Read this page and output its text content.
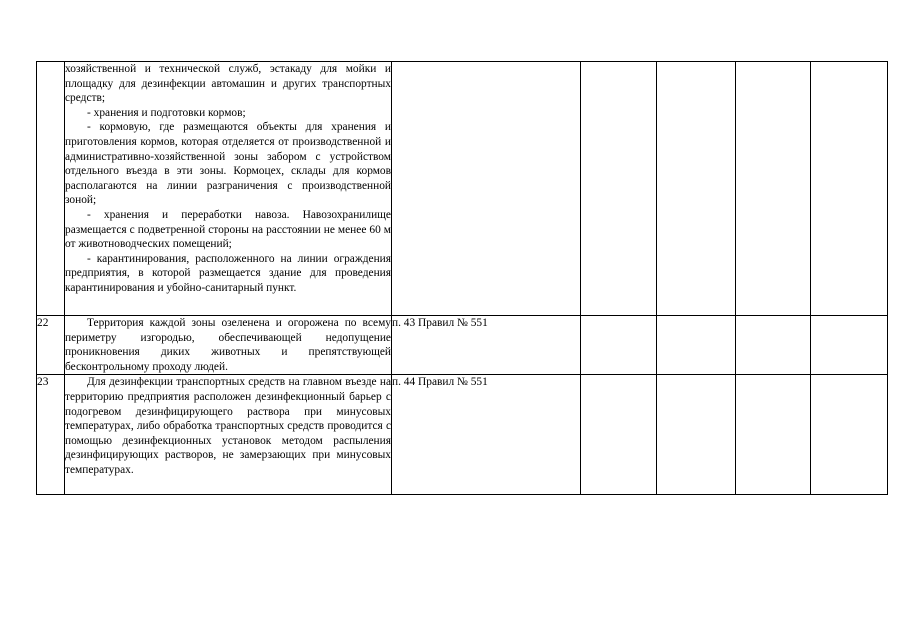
	хозяйственной и технической служб, эстакаду для мойки и площадку для дезинфекции автомашин и других транспортных средств;

- хранения и подготовки кормов;

- кормовую, где размещаются объекты для хранения и приготовления кормов, которая отделяется от производственной и административно-хозяйственной зоны забором с устройством отдельного въезда в эти зоны. Кормоцех, склады для кормов располагаются на линии разграничения с производственной зоной;

- хранения и переработки навоза. Навозохранилище размещается с подветренной стороны на расстоянии не менее 60 м от животноводческих помещений;

- карантинирования, расположенного на линии ограждения предприятия, в которой размещается здание для проведения карантинирования и убойно-санитарный пункт.					

22	Территория каждой зоны озеленена и огорожена по всему периметру изгородью, обеспечивающей недопущение проникновения диких животных и препятствующей бесконтрольному проходу людей.	п. 43 Правил № 551				
23	Для дезинфекции транспортных средств на главном въезде на территорию предприятия расположен дезинфекционный барьер с подогревом дезинфицирующего раствора при минусовых температурах, либо обработка транспортных средств проводится с помощью дезинфекционных установок методом распыления дезинфицирующих растворов, не замерзающих при минусовых температурах.	п. 44 Правил № 551				
